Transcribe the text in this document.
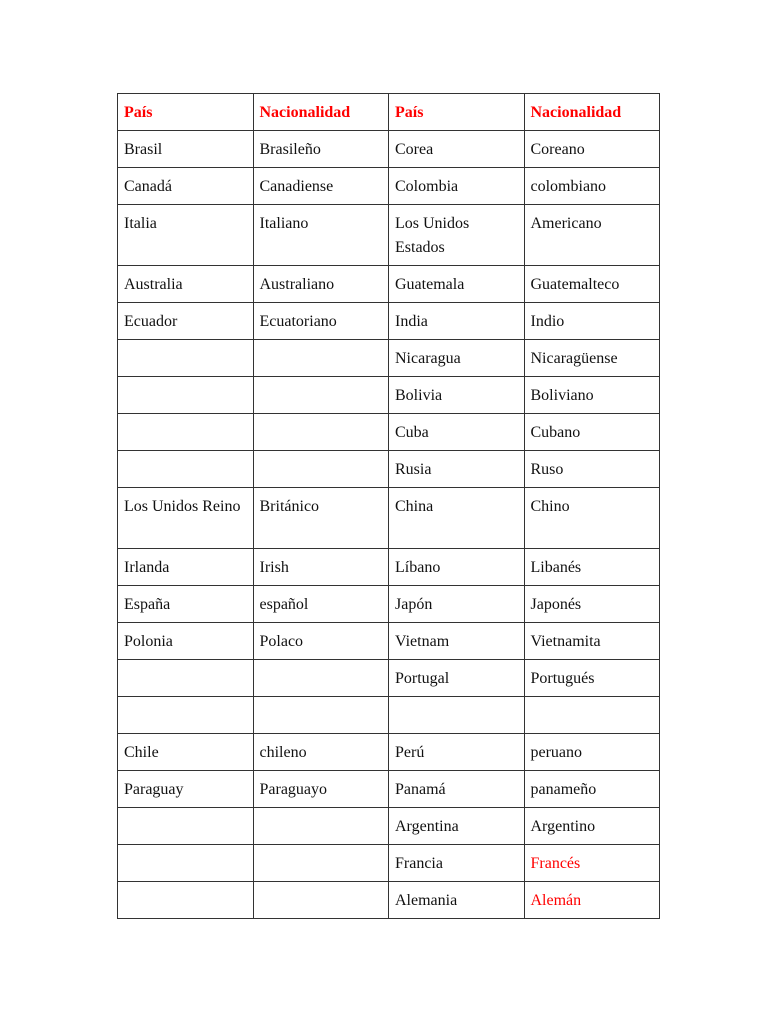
País	Nacionalidad	País	Nacionalidad
Brasil	Brasileño	Corea	Coreano
Canadá	Canadiense	Colombia	colombiano
Italia	Italiano	Los Unidos Estados	Americano
Australia	Australiano	Guatemala	Guatemalteco
Ecuador	Ecuatoriano	India	Indio
		Nicaragua	Nicaragüense
		Bolivia	Boliviano
		Cuba	Cubano
		Rusia	Ruso
Los Unidos Reino	Británico	China	Chino
Irlanda	Irish	Líbano	Libanés
España	español	Japón	Japonés
Polonia	Polaco	Vietnam	Vietnamita
		Portugal	Portugués

Chile	chileno	Perú	peruano
Paraguay	Paraguayo	Panamá	panameño
		Argentina	Argentino
		Francia	Francés
		Alemania	Alemán
